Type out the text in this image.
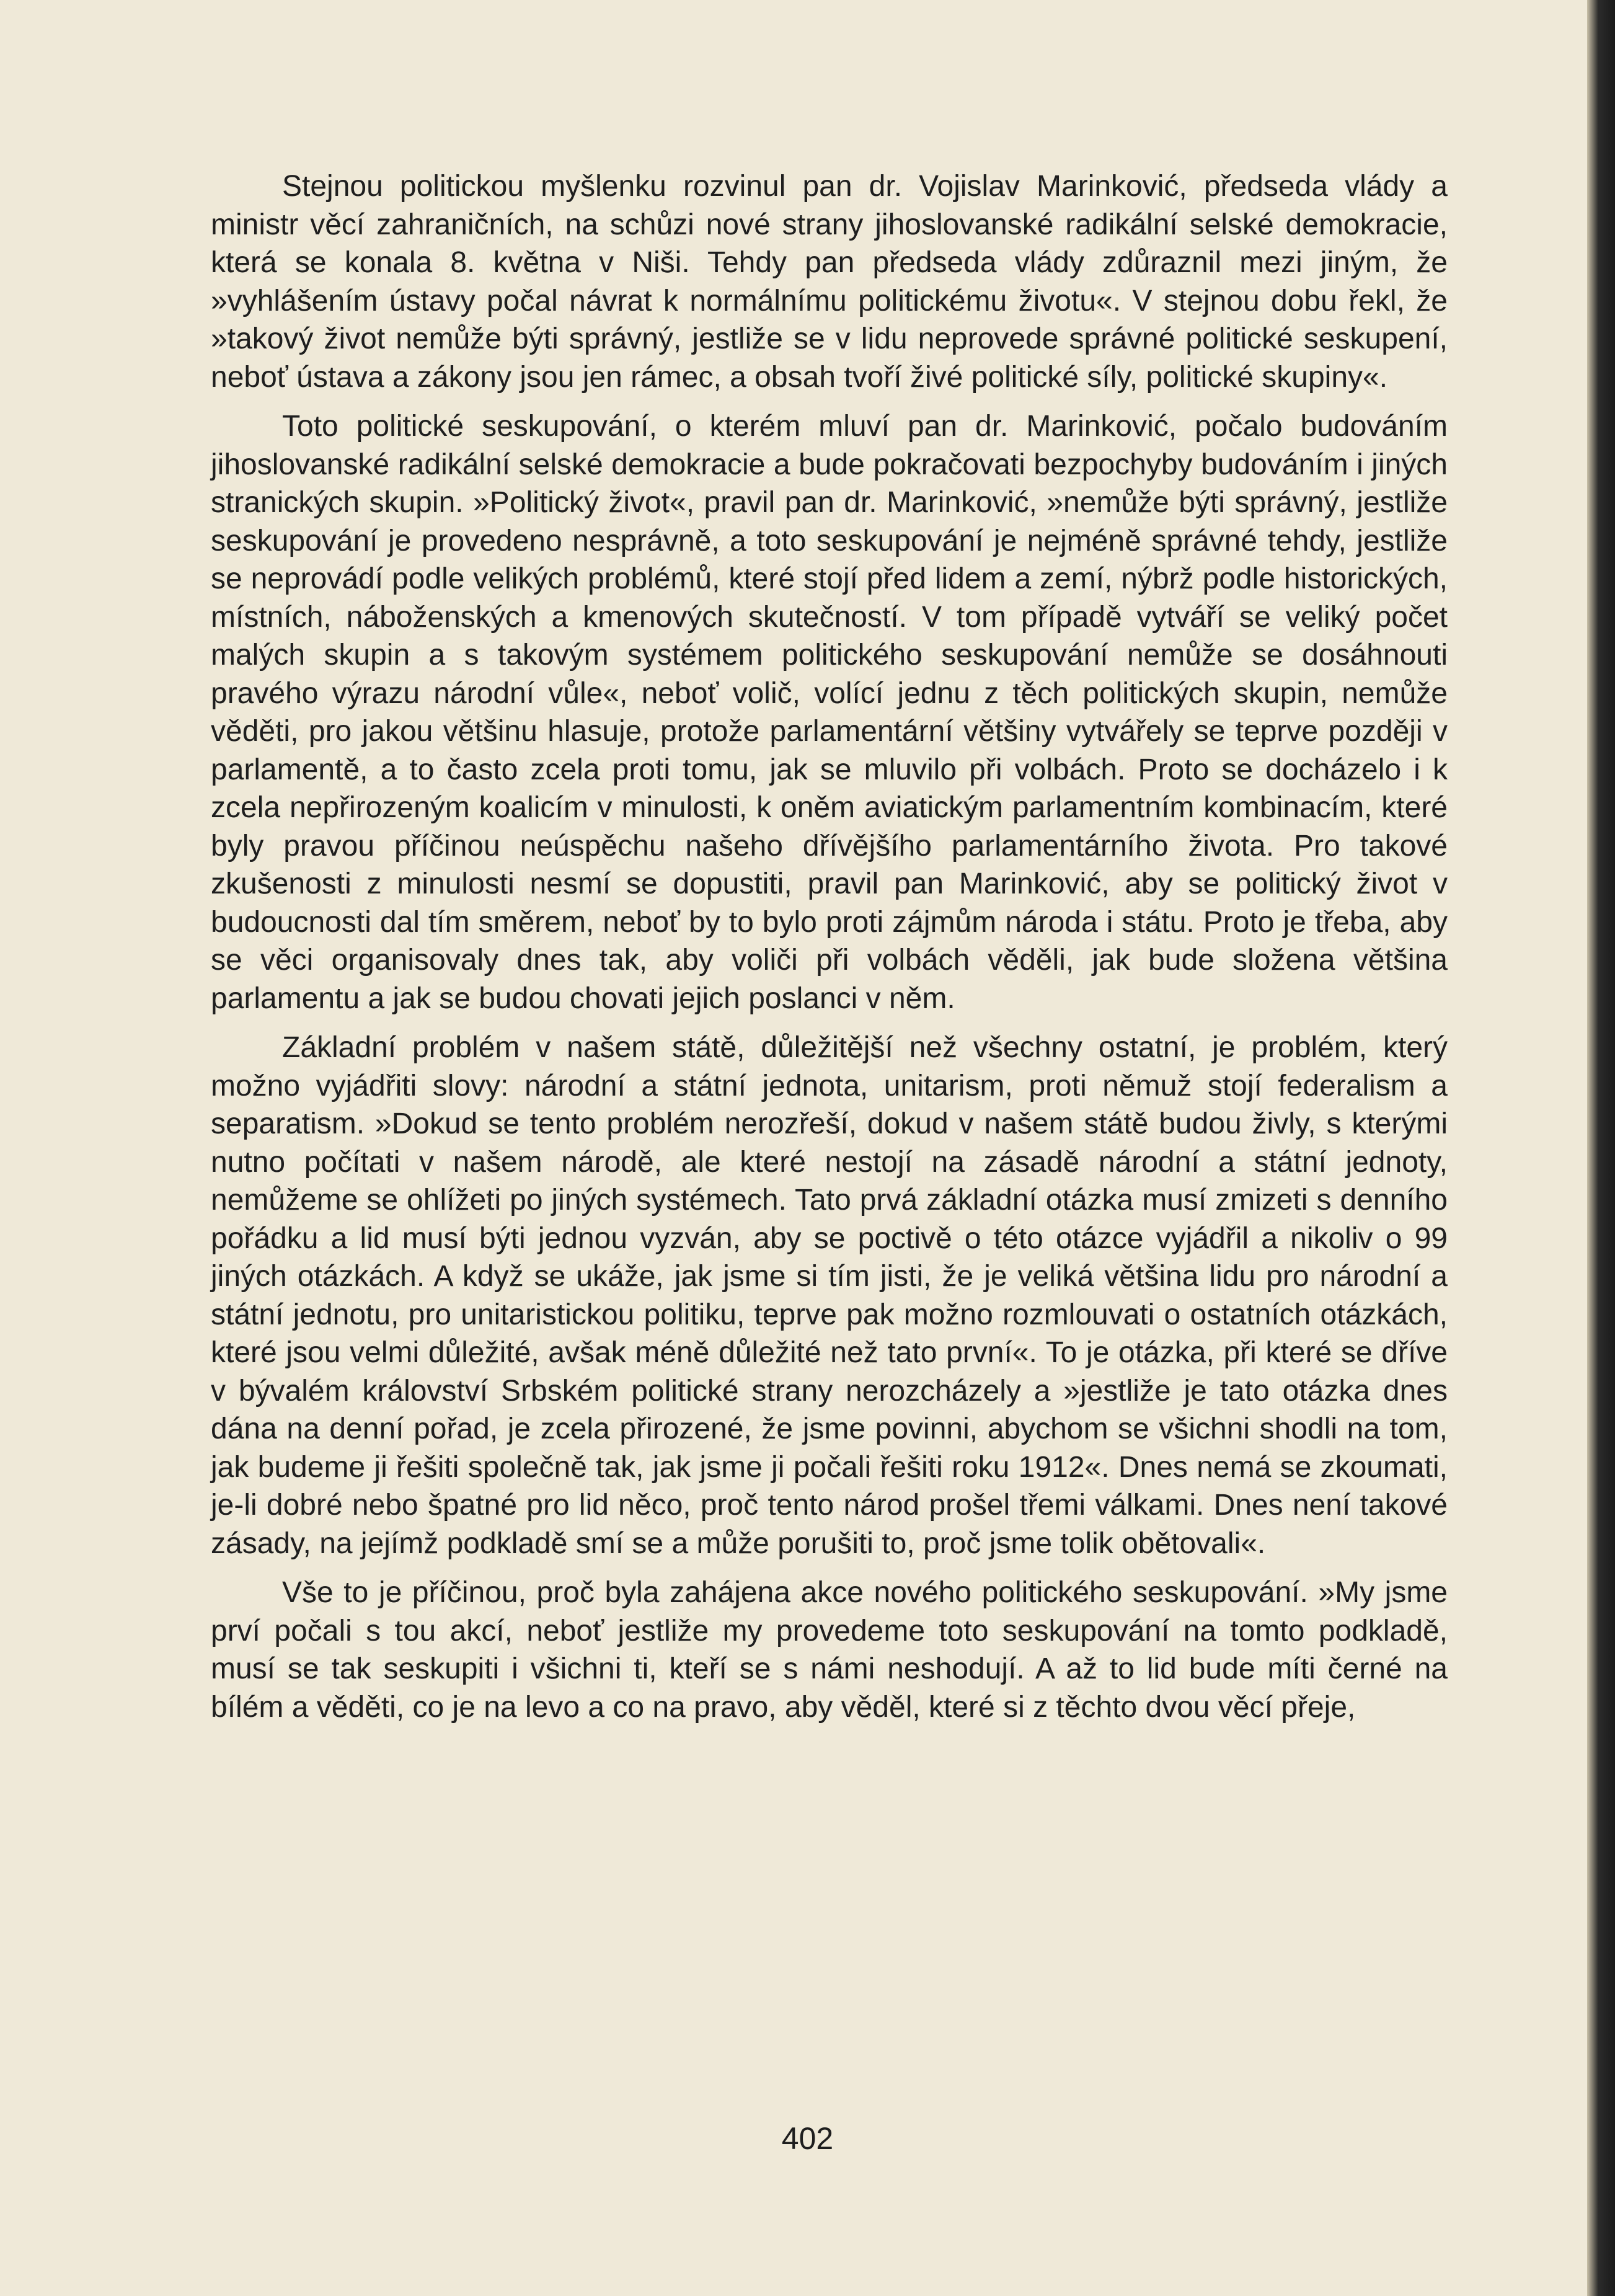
Stejnou politickou myšlenku rozvinul pan dr. Vojislav Marinković, předseda vlády a ministr věcí zahraničních, na schůzi nové strany jihoslovanské radikální selské demokracie, která se konala 8. května v Niši. Tehdy pan předseda vlády zdůraznil mezi jiným, že »vyhlášením ústavy počal návrat k normálnímu politickému životu«. V stejnou dobu řekl, že »takový život nemůže býti správný, jestliže se v lidu neprovede správné politické seskupení, neboť ústava a zákony jsou jen rámec, a obsah tvoří živé politické síly, politické skupiny«.

Toto politické seskupování, o kterém mluví pan dr. Marinković, počalo budováním jihoslovanské radikální selské demokracie a bude pokračovati bezpochyby budováním i jiných stranických skupin. »Politický život«, pravil pan dr. Marinković, »nemůže býti správný, jestliže seskupování je provedeno nesprávně, a toto seskupování je nejméně správné tehdy, jestliže se neprovádí podle velikých problémů, které stojí před lidem a zemí, nýbrž podle historických, místních, náboženských a kmenových skutečností. V tom případě vytváří se veliký počet malých skupin a s takovým systémem politického seskupování nemůže se dosáhnouti pravého výrazu národní vůle«, neboť volič, volící jednu z těch politických skupin, nemůže věděti, pro jakou většinu hlasuje, protože parlamentární většiny vytvářely se teprve později v parlamentě, a to často zcela proti tomu, jak se mluvilo při volbách. Proto se docházelo i k zcela nepřirozeným koalicím v minulosti, k oněm aviatickým parlamentním kombinacím, které byly pravou příčinou neúspěchu našeho dřívějšího parlamentárního života. Pro takové zkušenosti z minulosti nesmí se dopustiti, pravil pan Marinković, aby se politický život v budoucnosti dal tím směrem, neboť by to bylo proti zájmům národa i státu. Proto je třeba, aby se věci organisovaly dnes tak, aby voliči při volbách věděli, jak bude složena většina parlamentu a jak se budou chovati jejich poslanci v něm.

Základní problém v našem státě, důležitější než všechny ostatní, je problém, který možno vyjádřiti slovy: národní a státní jednota, unitarism, proti němuž stojí federalism a separatism. »Dokud se tento problém nerozřeší, dokud v našem státě budou živly, s kterými nutno počítati v našem národě, ale které nestojí na zásadě národní a státní jednoty, nemůžeme se ohlížeti po jiných systémech. Tato prvá základní otázka musí zmizeti s denního pořádku a lid musí býti jednou vyzván, aby se poctivě o této otázce vyjádřil a nikoliv o 99 jiných otázkách. A když se ukáže, jak jsme si tím jisti, že je veliká většina lidu pro národní a státní jednotu, pro unitaristickou politiku, teprve pak možno rozmlouvati o ostatních otázkách, které jsou velmi důležité, avšak méně důležité než tato první«. To je otázka, při které se dříve v bývalém království Srbském politické strany nerozcházely a »jestliže je tato otázka dnes dána na denní pořad, je zcela přirozené, že jsme povinni, abychom se všichni shodli na tom, jak budeme ji řešiti společně tak, jak jsme ji počali řešiti roku 1912«. Dnes nemá se zkoumati, je-li dobré nebo špatné pro lid něco, proč tento národ prošel třemi válkami. Dnes není takové zásady, na jejímž podkladě smí se a může porušiti to, proč jsme tolik obětovali«.

Vše to je příčinou, proč byla zahájena akce nového politického seskupování. »My jsme prví počali s tou akcí, neboť jestliže my provedeme toto seskupování na tomto podkladě, musí se tak seskupiti i všichni ti, kteří se s námi neshodují. A až to lid bude míti černé na bílém a věděti, co je na levo a co na pravo, aby věděl, které si z těchto dvou věcí přeje,

402
